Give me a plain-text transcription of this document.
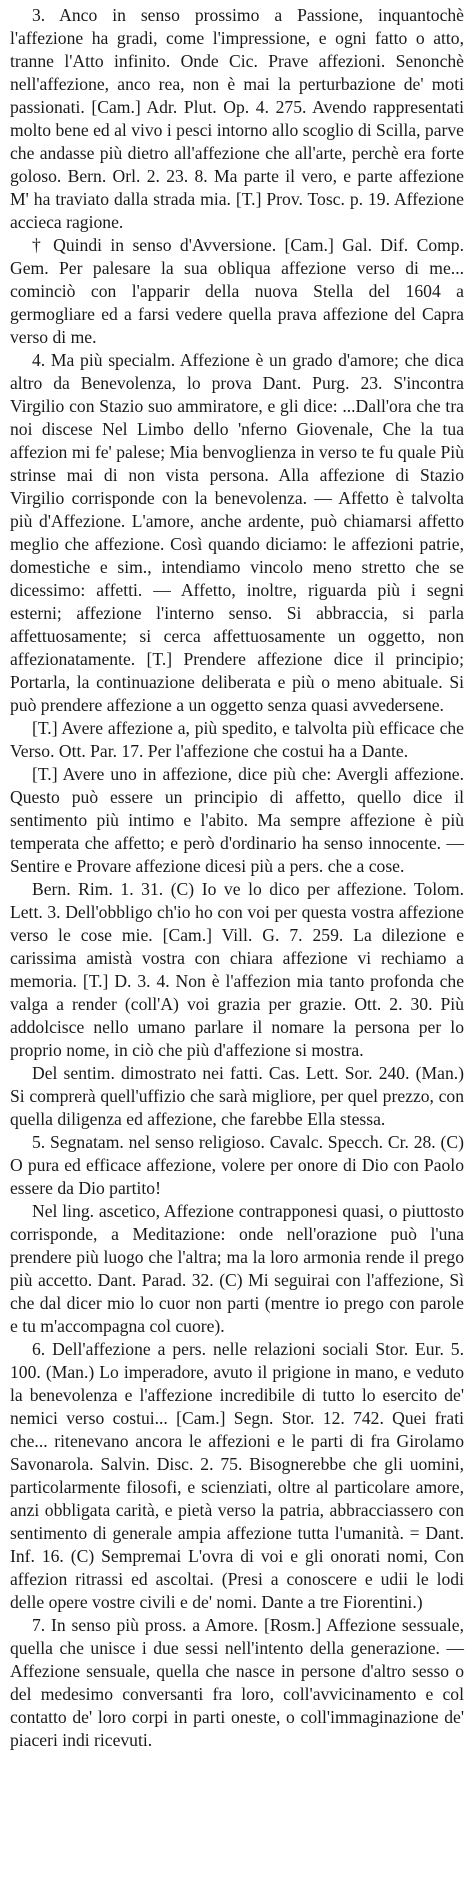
3. Anco in senso prossimo a Passione, inquantochè l'affezione ha gradi, come l'impressione, e ogni fatto o atto, tranne l'Atto infinito. Onde Cic. Prave affezioni. Senonchè nell'affezione, anco rea, non è mai la perturbazione de' moti passionati. [Cam.] Adr. Plut. Op. 4. 275. Avendo rappresentati molto bene ed al vivo i pesci intorno allo scoglio di Scilla, parve che andasse più dietro all'affezione che all'arte, perchè era forte goloso. Bern. Orl. 2. 23. 8. Ma parte il vero, e parte affezione M' ha traviato dalla strada mia. [T.] Prov. Tosc. p. 19. Affezione accieca ragione.

† Quindi in senso d'Avversione. [Cam.] Gal. Dif. Comp. Gem. Per palesare la sua obliqua affezione verso di me... cominciò con l'apparir della nuova Stella del 1604 a germogliare ed a farsi vedere quella prava affezione del Capra verso di me.

4. Ma più specialm. Affezione è un grado d'amore; che dica altro da Benevolenza, lo prova Dant. Purg. 23. S'incontra Virgilio con Stazio suo ammiratore, e gli dice: ...Dall'ora che tra noi discese Nel Limbo dello 'nferno Giovenale, Che la tua affezion mi fe' palese; Mia benvoglienza in verso te fu quale Più strinse mai di non vista persona. Alla affezione di Stazio Virgilio corrisponde con la benevolenza. — Affetto è talvolta più d'Affezione. L'amore, anche ardente, può chiamarsi affetto meglio che affezione. Così quando diciamo: le affezioni patrie, domestiche e sim., intendiamo vincolo meno stretto che se dicessimo: affetti. — Affetto, inoltre, riguarda più i segni esterni; affezione l'interno senso. Si abbraccia, si parla affettuosamente; si cerca affettuosamente un oggetto, non affezionatamente. [T.] Prendere affezione dice il principio; Portarla, la continuazione deliberata e più o meno abituale. Si può prendere affezione a un oggetto senza quasi avvedersene.

[T.] Avere affezione a, più spedito, e talvolta più efficace che Verso. Ott. Par. 17. Per l'affezione che costui ha a Dante.

[T.] Avere uno in affezione, dice più che: Avergli affezione. Questo può essere un principio di affetto, quello dice il sentimento più intimo e l'abito. Ma sempre affezione è più temperata che affetto; e però d'ordinario ha senso innocente. — Sentire e Provare affezione dicesi più a pers. che a cose.

Bern. Rim. 1. 31. (C) Io ve lo dico per affezione. Tolom. Lett. 3. Dell'obbligo ch'io ho con voi per questa vostra affezione verso le cose mie. [Cam.] Vill. G. 7. 259. La dilezione e carissima amistà vostra con chiara affezione vi rechiamo a memoria. [T.] D. 3. 4. Non è l'affezion mia tanto profonda che valga a render (coll'A) voi grazia per grazie. Ott. 2. 30. Più addolcisce nello umano parlare il nomare la persona per lo proprio nome, in ciò che più d'affezione si mostra.

Del sentim. dimostrato nei fatti. Cas. Lett. Sor. 240. (Man.) Si comprerà quell'uffizio che sarà migliore, per quel prezzo, con quella diligenza ed affezione, che farebbe Ella stessa.

5. Segnatam. nel senso religioso. Cavalc. Specch. Cr. 28. (C) O pura ed efficace affezione, volere per onore di Dio con Paolo essere da Dio partito!

Nel ling. ascetico, Affezione contrapponesi quasi, o piuttosto corrisponde, a Meditazione: onde nell'orazione può l'una prendere più luogo che l'altra; ma la loro armonia rende il prego più accetto. Dant. Parad. 32. (C) Mi seguirai con l'affezione, Sì che dal dicer mio lo cuor non parti (mentre io prego con parole e tu m'accompagna col cuore).

6. Dell'affezione a pers. nelle relazioni sociali Stor. Eur. 5. 100. (Man.) Lo imperadore, avuto il prigione in mano, e veduto la benevolenza e l'affezione incredibile di tutto lo esercito de' nemici verso costui... [Cam.] Segn. Stor. 12. 742. Quei frati che... ritenevano ancora le affezioni e le parti di fra Girolamo Savonarola. Salvin. Disc. 2. 75. Bisognerebbe che gli uomini, particolarmente filosofi, e scienziati, oltre al particolare amore, anzi obbligata carità, e pietà verso la patria, abbracciassero con sentimento di generale ampia affezione tutta l'umanità. = Dant. Inf. 16. (C) Sempremai L'ovra di voi e gli onorati nomi, Con affezion ritrassi ed ascoltai. (Presi a conoscere e udii le lodi delle opere vostre civili e de' nomi. Dante a tre Fiorentini.)

7. In senso più pross. a Amore. [Rosm.] Affezione sessuale, quella che unisce i due sessi nell'intento della generazione. — Affezione sensuale, quella che nasce in persone d'altro sesso o del medesimo conversanti fra loro, coll'avvicinamento e col contatto de' loro corpi in parti oneste, o coll'immaginazione de' piaceri indi ricevuti.
